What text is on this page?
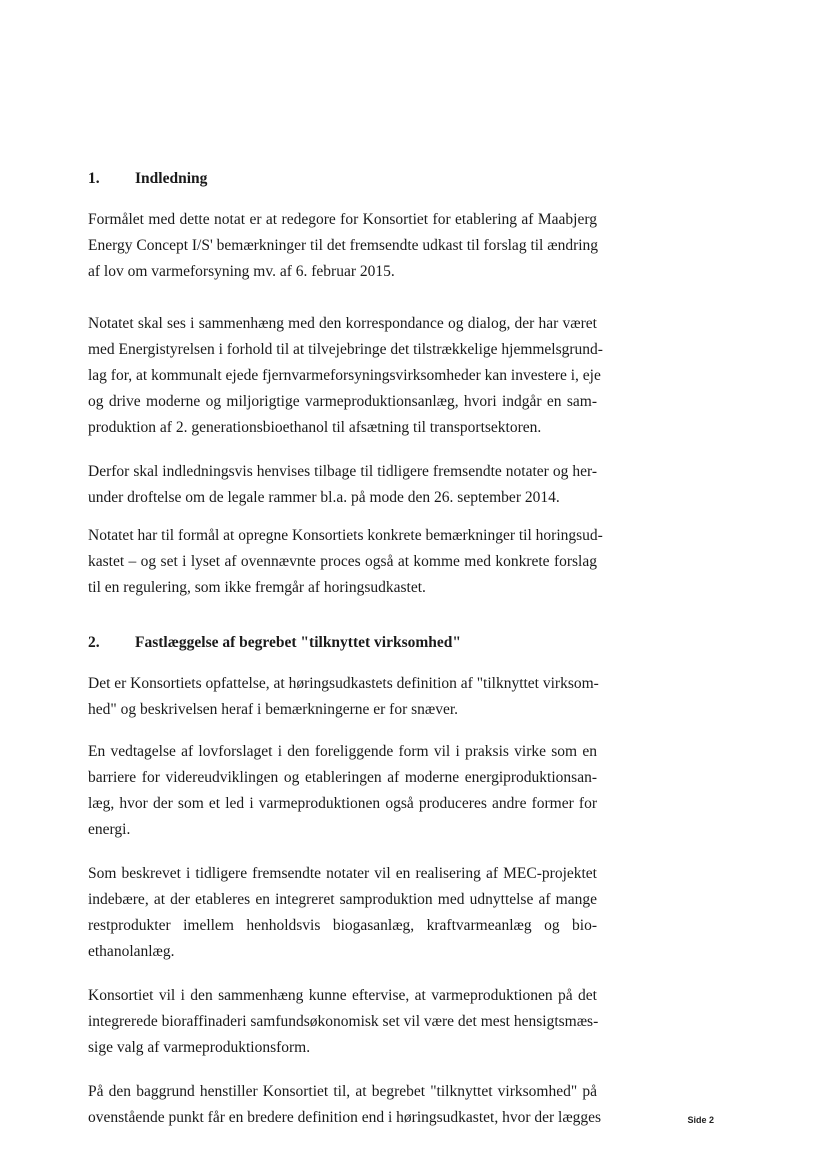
1. Indledning
Formålet med dette notat er at redegore for Konsortiet for etablering af Maabjerg
Energy Concept I/S' bemærkninger til det fremsendte udkast til forslag til ændring
af lov om varmeforsyning mv. af 6. februar 2015.
Notatet skal ses i sammenhæng med den korrespondance og dialog, der har været
med Energistyrelsen i forhold til at tilvejebringe det tilstrækkelige hjemmelsgrund-
lag for, at kommunalt ejede fjernvarmeforsyningsvirksomheder kan investere i, eje
og drive moderne og miljorigtige varmeproduktionsanlæg, hvori indgår en sam-
produktion af 2. generationsbioethanol til afsætning til transportsektoren.
Derfor skal indledningsvis henvises tilbage til tidligere fremsendte notater og her-
under droftelse om de legale rammer bl.a. på mode den 26. september 2014.
Notatet har til formål at opregne Konsortiets konkrete bemærkninger til horingsud-
kastet – og set i lyset af ovennævnte proces også at komme med konkrete forslag
til en regulering, som ikke fremgår af horingsudkastet.
2. Fastlæggelse af begrebet "tilknyttet virksomhed"
Det er Konsortiets opfattelse, at høringsudkastets definition af "tilknyttet virksom-
hed" og beskrivelsen heraf i bemærkningerne er for snæver.
En vedtagelse af lovforslaget i den foreliggende form vil i praksis virke som en
barriere for videreudviklingen og etableringen af moderne energiproduktionsan-
læg, hvor der som et led i varmeproduktionen også produceres andre former for
energi.
Som beskrevet i tidligere fremsendte notater vil en realisering af MEC-projektet
indebære, at der etableres en integreret samproduktion med udnyttelse af mange
restprodukter imellem henholdsvis biogasanlæg, kraftvarmeanlæg og bio-
ethanolanlæg.
Konsortiet vil i den sammenhæng kunne eftervise, at varmeproduktionen på det
integrerede bioraffinaderi samfundsøkonomisk set vil være det mest hensigtsmæs-
sige valg af varmeproduktionsform.
På den baggrund henstiller Konsortiet til, at begrebet "tilknyttet virksomhed" på
ovenstående punkt får en bredere definition end i høringsudkastet, hvor der lægges	Side 2
